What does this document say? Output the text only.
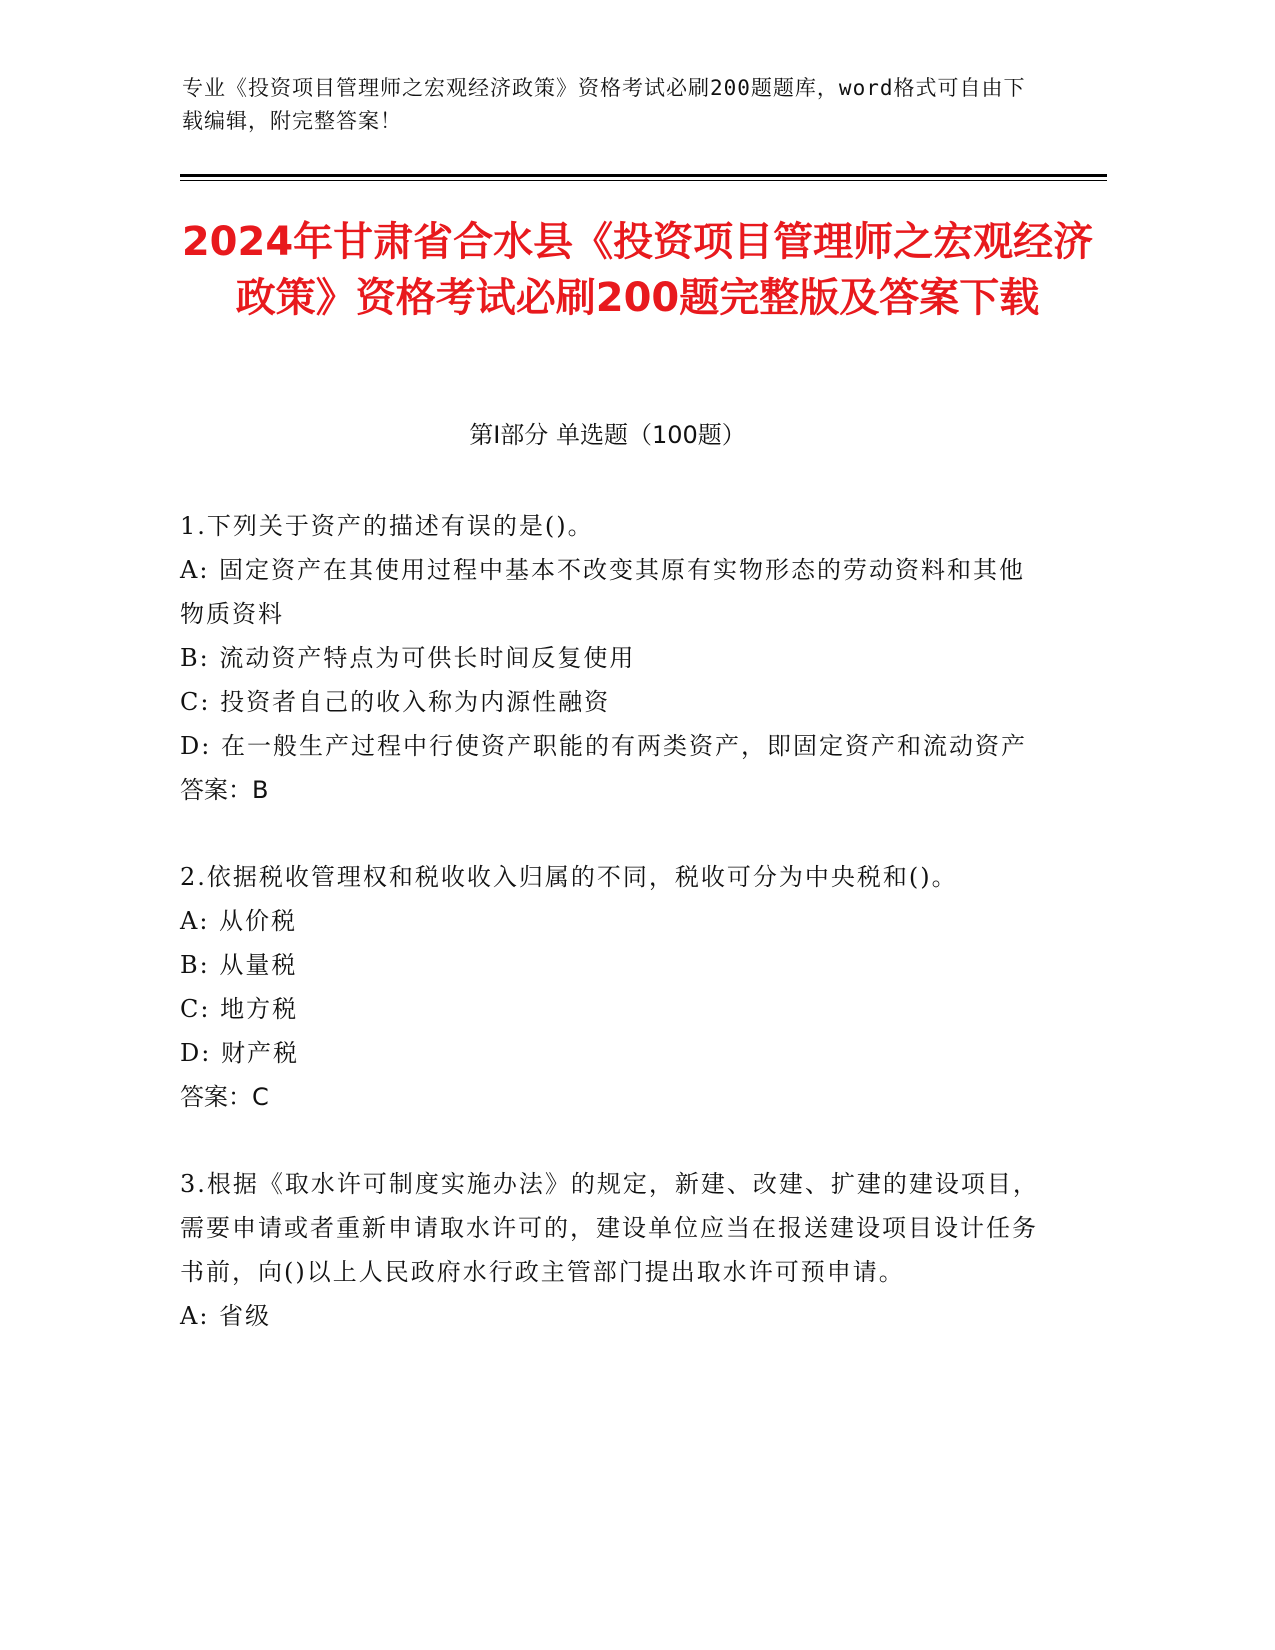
专业《投资项目管理师之宏观经济政策》资格考试必刷200题题库，word格式可自由下载编辑，附完整答案！
2024年甘肃省合水县《投资项目管理师之宏观经济政策》资格考试必刷200题完整版及答案下载
第I部分 单选题（100题）
1.下列关于资产的描述有误的是()。
A: 固定资产在其使用过程中基本不改变其原有实物形态的劳动资料和其他物质资料
B: 流动资产特点为可供长时间反复使用
C: 投资者自己的收入称为内源性融资
D: 在一般生产过程中行使资产职能的有两类资产，即固定资产和流动资产
答案：B
2.依据税收管理权和税收收入归属的不同，税收可分为中央税和()。
A: 从价税
B: 从量税
C: 地方税
D: 财产税
答案：C
3.根据《取水许可制度实施办法》的规定，新建、改建、扩建的建设项目，需要申请或者重新申请取水许可的，建设单位应当在报送建设项目设计任务书前，向()以上人民政府水行政主管部门提出取水许可预申请。
A: 省级
